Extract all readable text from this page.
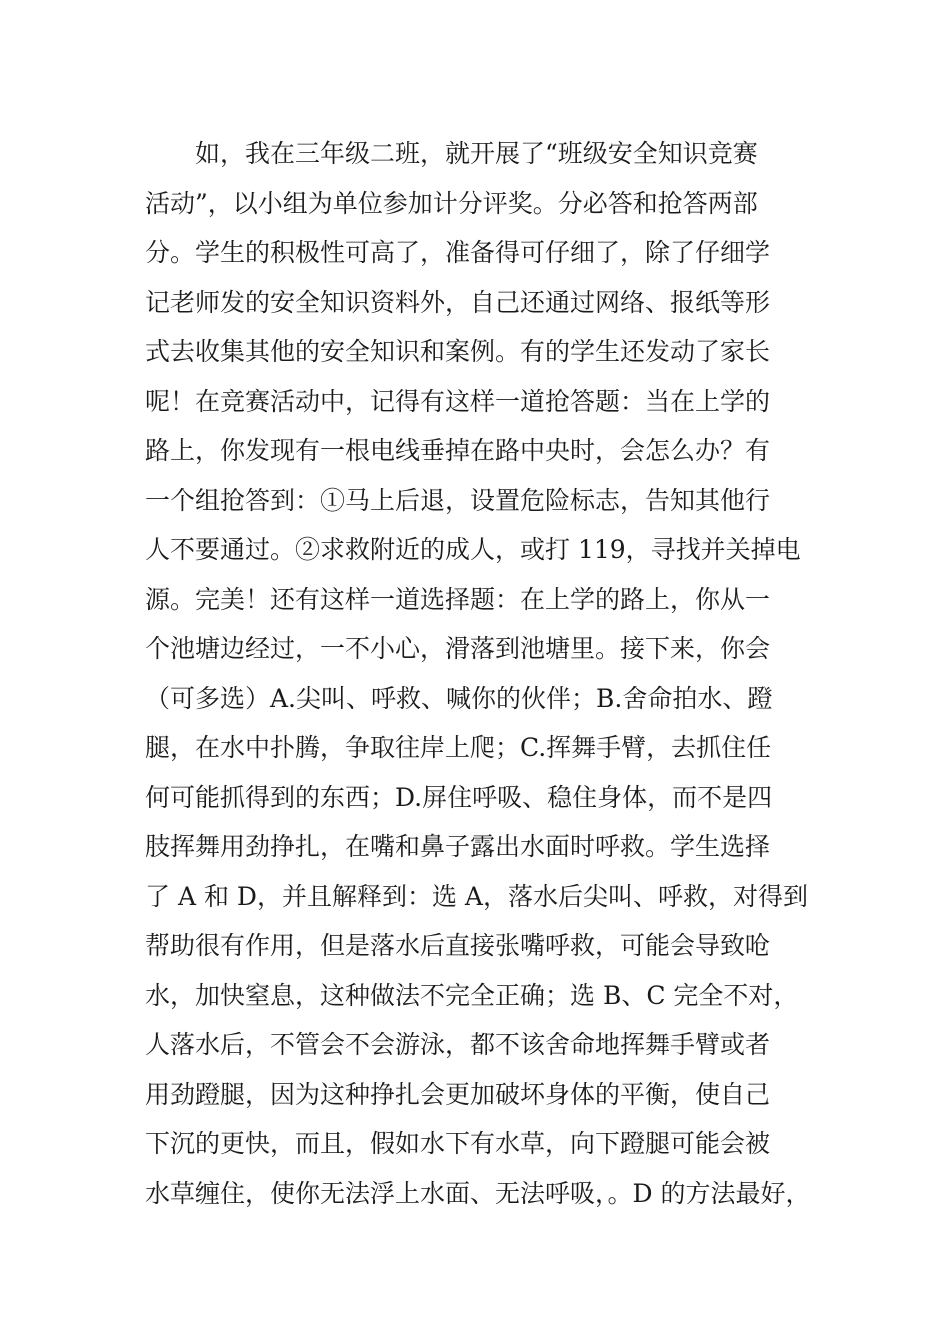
　　如，我在三年级二班，就开展了“班级安全知识竞赛
活动”，以小组为单位参加计分评奖。分必答和抢答两部
分。学生的积极性可高了，准备得可仔细了，除了仔细学
记老师发的安全知识资料外，自己还通过网络、报纸等形
式去收集其他的安全知识和案例。有的学生还发动了家长
呢！在竞赛活动中，记得有这样一道抢答题：当在上学的
路上，你发现有一根电线垂掉在路中央时，会怎么办？有
一个组抢答到：①马上后退，设置危险标志，告知其他行
人不要通过。②求救附近的成人，或打 119，寻找并关掉电
源。完美！还有这样一道选择题：在上学的路上，你从一
个池塘边经过，一不小心，滑落到池塘里。接下来，你会
（可多选）A.尖叫、呼救、喊你的伙伴；B.舍命拍水、蹬
腿，在水中扑腾，争取往岸上爬；C.挥舞手臂，去抓住任
何可能抓得到的东西；D.屏住呼吸、稳住身体，而不是四
肢挥舞用劲挣扎，在嘴和鼻子露出水面时呼救。学生选择
了 A 和 D，并且解释到：选 A，落水后尖叫、呼救，对得到
帮助很有作用，但是落水后直接张嘴呼救，可能会导致呛
水，加快窒息，这种做法不完全正确；选 B、C 完全不对，
人落水后，不管会不会游泳，都不该舍命地挥舞手臂或者
用劲蹬腿，因为这种挣扎会更加破坏身体的平衡，使自己
下沉的更快，而且，假如水下有水草，向下蹬腿可能会被
水草缠住，使你无法浮上水面、无法呼吸，。D 的方法最好，
